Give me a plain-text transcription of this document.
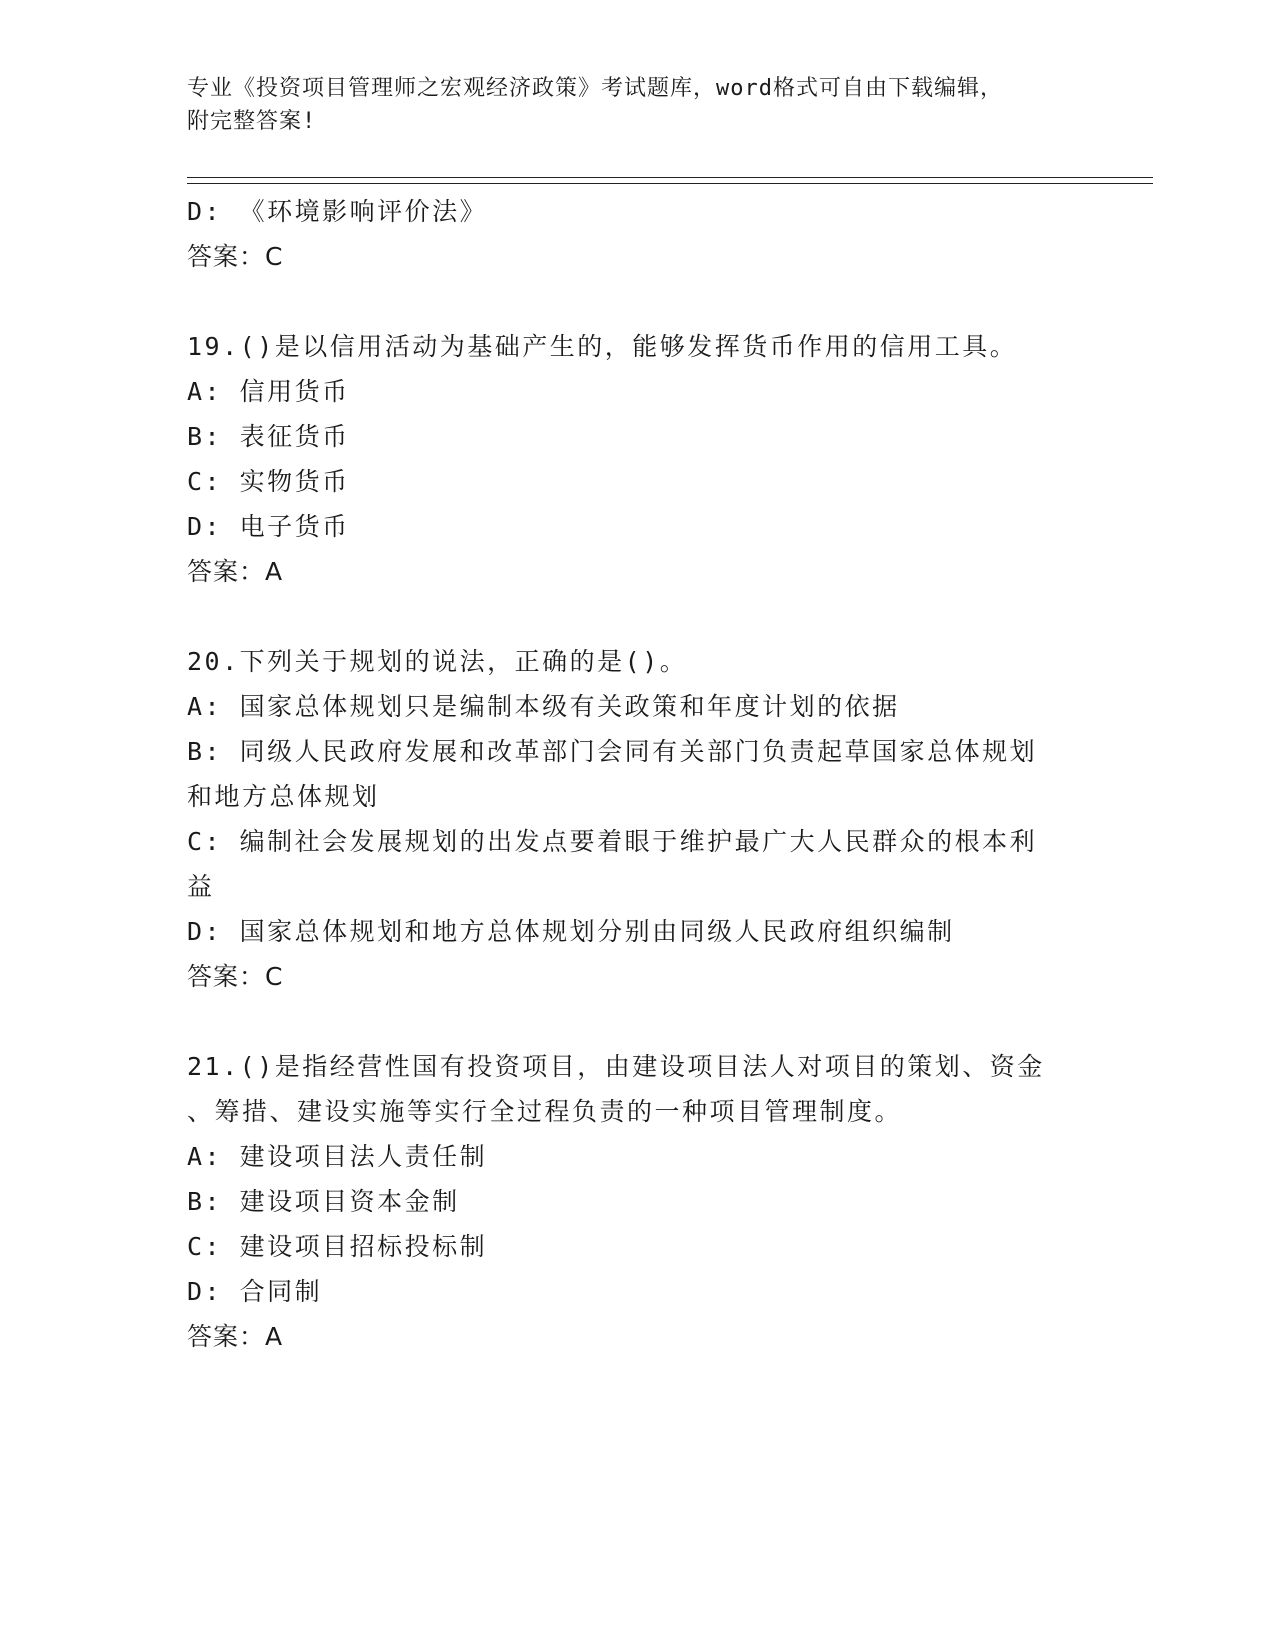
专业《投资项目管理师之宏观经济政策》考试题库，word格式可自由下载编辑，
附完整答案!
D: 《环境影响评价法》
答案：C
19.()是以信用活动为基础产生的，能够发挥货币作用的信用工具。
A: 信用货币
B: 表征货币
C: 实物货币
D: 电子货币
答案：A
20.下列关于规划的说法，正确的是()。
A: 国家总体规划只是编制本级有关政策和年度计划的依据
B: 同级人民政府发展和改革部门会同有关部门负责起草国家总体规划
和地方总体规划
C: 编制社会发展规划的出发点要着眼于维护最广大人民群众的根本利
益
D: 国家总体规划和地方总体规划分别由同级人民政府组织编制
答案：C
21.()是指经营性国有投资项目，由建设项目法人对项目的策划、资金
、筹措、建设实施等实行全过程负责的一种项目管理制度。
A: 建设项目法人责任制
B: 建设项目资本金制
C: 建设项目招标投标制
D: 合同制
答案：A
